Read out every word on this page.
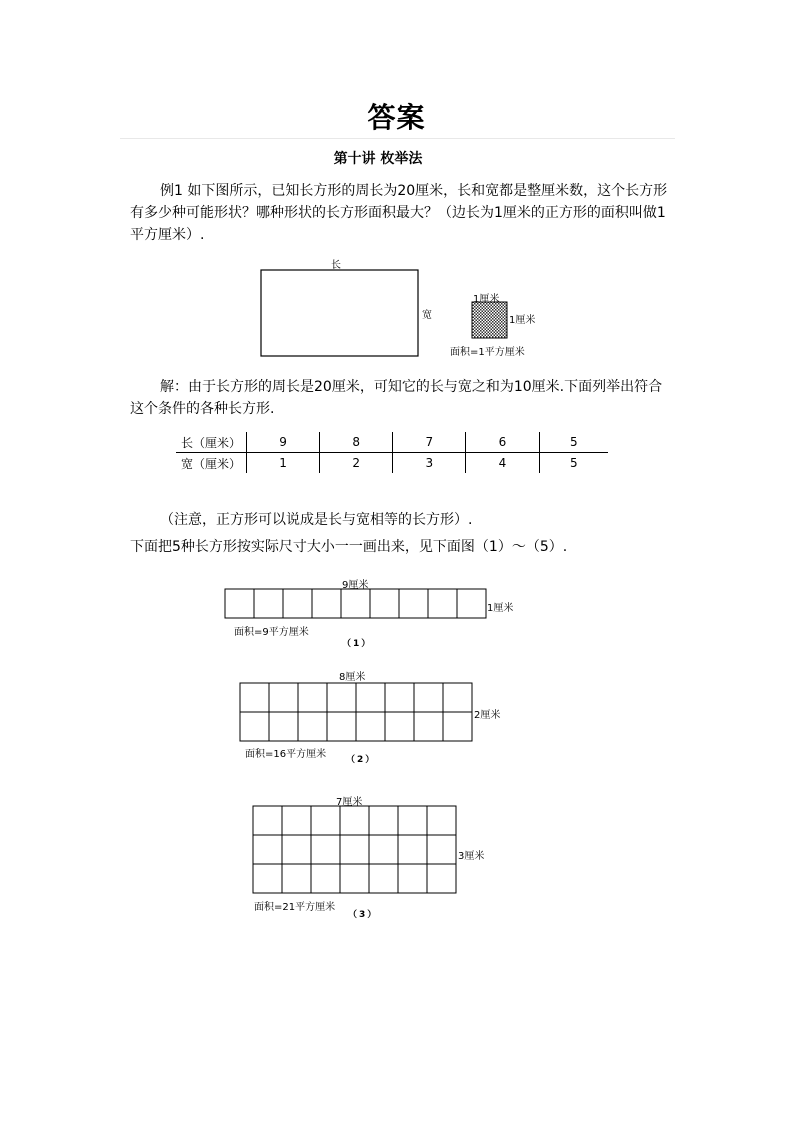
答案
第十讲 枚举法
例1 如下图所示，已知长方形的周长为20厘米，长和宽都是整厘米数，这个长方形有多少种可能形状？哪种形状的长方形面积最大？（边长为1厘米的正方形的面积叫做1平方厘米）.
长
宽
1厘米
1厘米
面积=1平方厘米
解：由于长方形的周长是20厘米，可知它的长与宽之和为10厘米.下面列举出符合这个条件的各种长方形.
长（厘米）	9	8	7	6	5
宽（厘米）	1	2	3	4	5
（注意，正方形可以说成是长与宽相等的长方形）.
下面把5种长方形按实际尺寸大小一一画出来，见下面图（1）～（5）.
9厘米
1厘米
面积=9平方厘米
（1）
8厘米
2厘米
面积=16平方厘米 （2）
7厘米
3厘米
面积=21平方厘米
（3）
